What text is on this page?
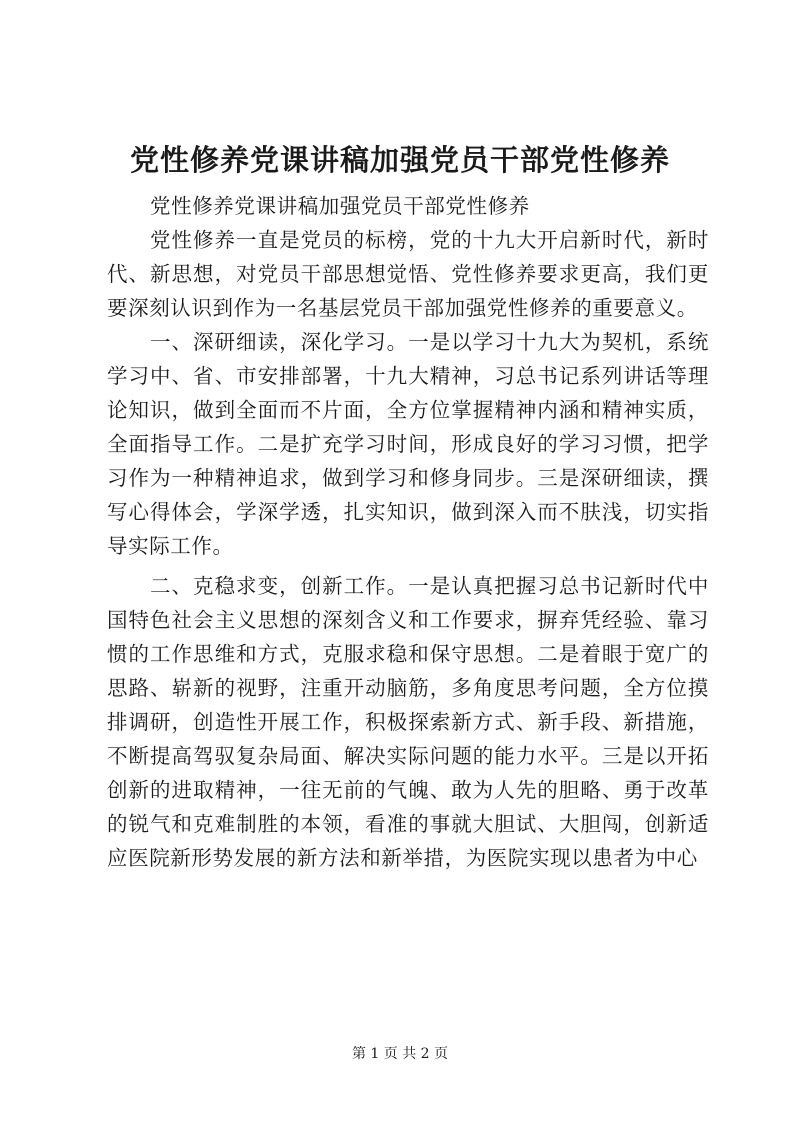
党性修养党课讲稿加强党员干部党性修养

党性修养党课讲稿加强党员干部党性修养

党性修养一直是党员的标榜，党的十九大开启新时代，新时代、新思想，对党员干部思想觉悟、党性修养要求更高，我们更要深刻认识到作为一名基层党员干部加强党性修养的重要意义。

一、深研细读，深化学习。一是以学习十九大为契机，系统学习中、省、市安排部署，十九大精神，习总书记系列讲话等理论知识，做到全面而不片面，全方位掌握精神内涵和精神实质，全面指导工作。二是扩充学习时间，形成良好的学习习惯，把学习作为一种精神追求，做到学习和修身同步。三是深研细读，撰写心得体会，学深学透，扎实知识，做到深入而不肤浅，切实指导实际工作。

二、克稳求变，创新工作。一是认真把握习总书记新时代中国特色社会主义思想的深刻含义和工作要求，摒弃凭经验、靠习惯的工作思维和方式，克服求稳和保守思想。二是着眼于宽广的思路、崭新的视野，注重开动脑筋，多角度思考问题，全方位摸排调研，创造性开展工作，积极探索新方式、新手段、新措施，不断提高驾驭复杂局面、解决实际问题的能力水平。三是以开拓创新的进取精神，一往无前的气魄、敢为人先的胆略、勇于改革的锐气和克难制胜的本领，看准的事就大胆试、大胆闯，创新适应医院新形势发展的新方法和新举措，为医院实现以患者为中心

第 1 页 共 2 页
